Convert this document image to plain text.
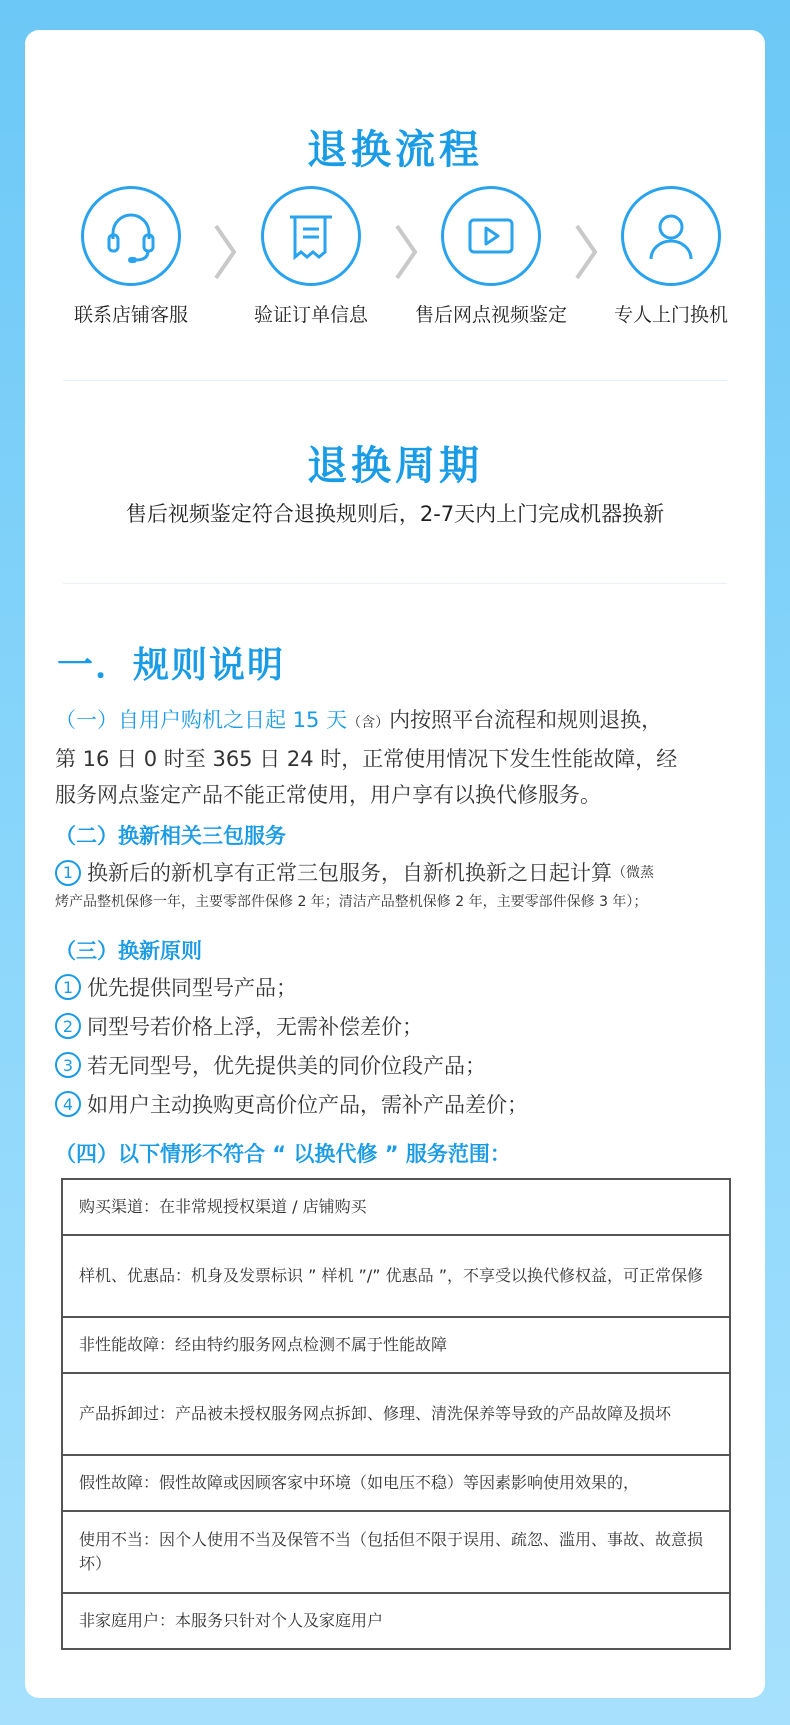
退换流程
联系店铺客服	验证订单信息	售后网点视频鉴定	专人上门换机
退换周期
售后视频鉴定符合退换规则后，2-7天内上门完成机器换新
一．规则说明
（一）自用户购机之日起 15 天（含）内按照平台流程和规则退换，
第 16 日 0 时至 365 日 24 时，正常使用情况下发生性能故障，经
服务网点鉴定产品不能正常使用，用户享有以换代修服务。
（二）换新相关三包服务
1 换新后的新机享有正常三包服务，自新机换新之日起计算 （微蒸
烤产品整机保修一年，主要零部件保修 2 年；清洁产品整机保修 2 年，主要零部件保修 3 年）；
（三）换新原则
1 优先提供同型号产品；
2 同型号若价格上浮，无需补偿差价；
3 若无同型号，优先提供美的同价位段产品；
4 如用户主动换购更高价位产品，需补产品差价；
（四）以下情形不符合 “ 以换代修 ” 服务范围：
购买渠道：在非常规授权渠道 / 店铺购买
样机、优惠品：机身及发票标识 ” 样机 ”/” 优惠品 ”，不享受以换代修权益，可正常保修
非性能故障：经由特约服务网点检测不属于性能故障
产品拆卸过：产品被未授权服务网点拆卸、修理、清洗保养等导致的产品故障及损坏
假性故障：假性故障或因顾客家中环境（如电压不稳）等因素影响使用效果的，
使用不当：因个人使用不当及保管不当（包括但不限于误用、疏忽、滥用、事故、故意损坏）
非家庭用户：本服务只针对个人及家庭用户
